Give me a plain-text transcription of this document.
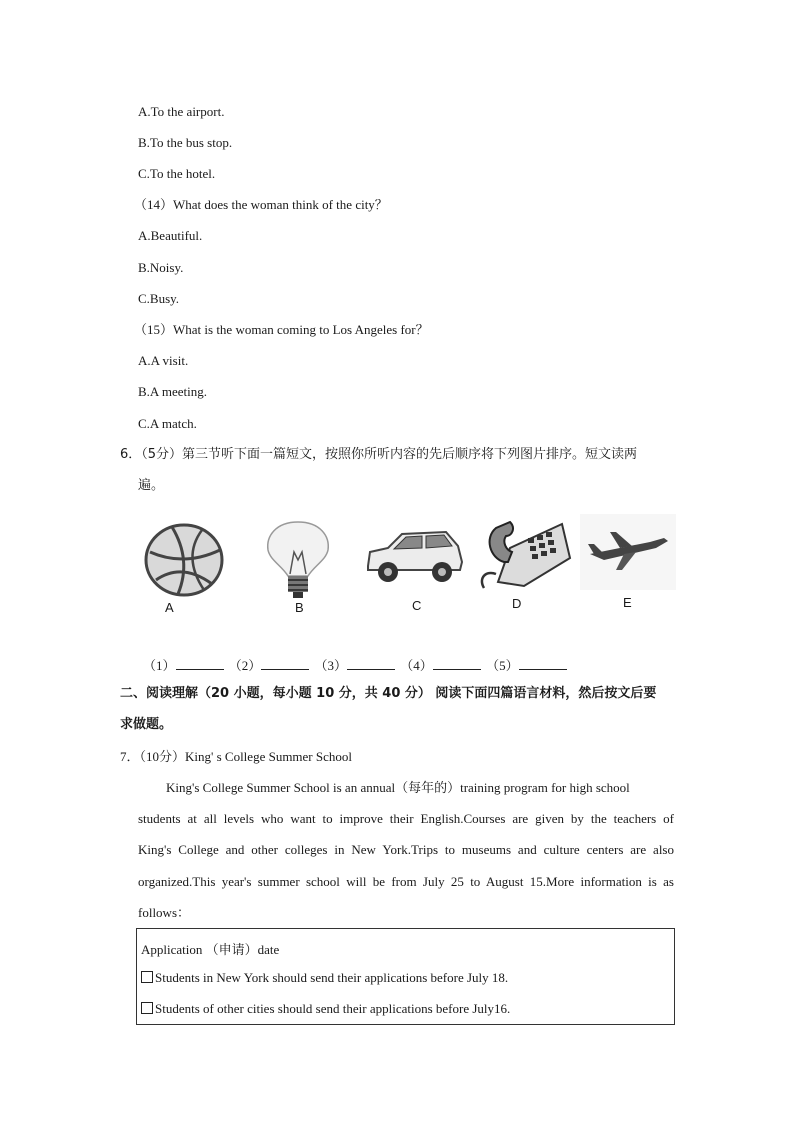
A.To the airport.
B.To the bus stop.
C.To the hotel.
（14）What does the woman think of the city？
A.Beautiful.
B.Noisy.
C.Busy.
（15）What is the woman coming to Los Angeles for？
A.A visit.
B.A meeting.
C.A match.
6．（5分）第三节听下面一篇短文，按照你所听内容的先后顺序将下列图片排序。短文读两
遍。
A	B	C	D	E
（1）	（2）	（3）	（4）	（5）
二、阅读理解（20 小题，每小题 10 分，共 40 分） 阅读下面四篇语言材料，然后按文后要
求做题。
7．（10分）King' s College Summer School
King's College Summer School is an annual（每年的）training program for high school
students at all levels who want to improve their English.Courses are given by the teachers of
King's College and other colleges in New York.Trips to museums and culture centers are also
organized.This year's summer school will be from July 25 to August 15.More information is as
follows：
Application （申请）date
Students in New York should send their applications before July 18.
Students of other cities should send their applications before July16.
